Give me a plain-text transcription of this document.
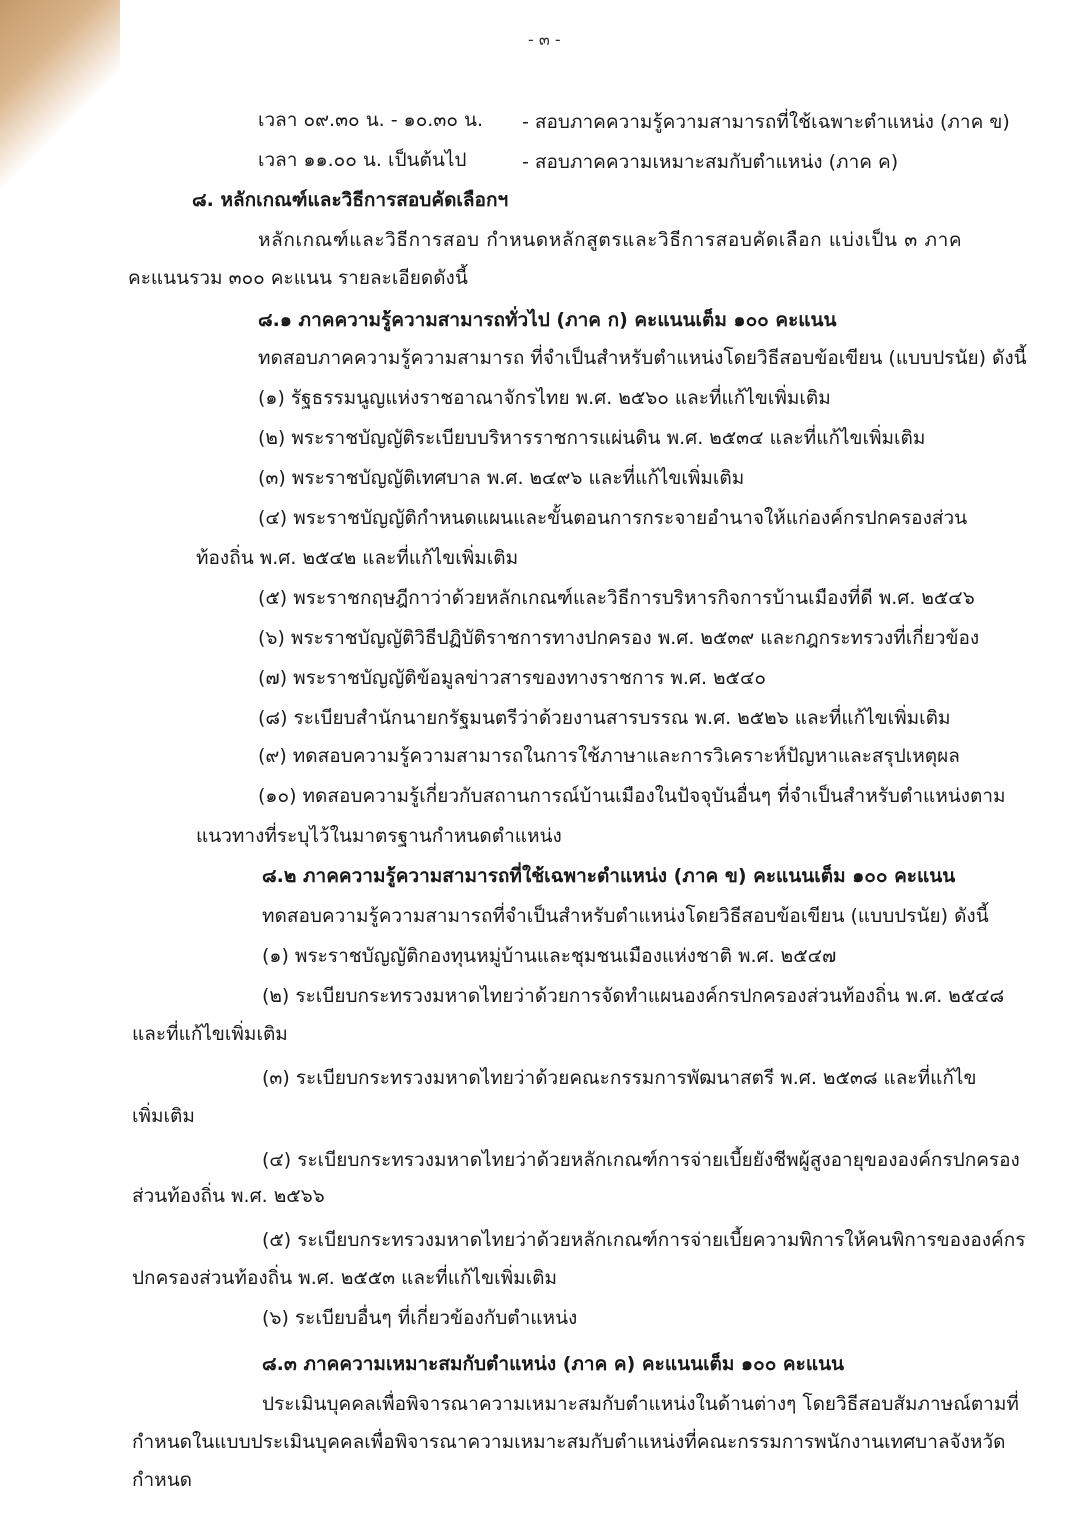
- ๓ -
เวลา ๐๙.๓๐ น. - ๑๐.๓๐ น. - สอบภาคความรู้ความสามารถที่ใช้เฉพาะตำแหน่ง (ภาค ข)
เวลา ๑๑.๐๐ น. เป็นต้นไป	- สอบภาคความเหมาะสมกับตำแหน่ง (ภาค ค)
๘. หลักเกณฑ์และวิธีการสอบคัดเลือกฯ
หลักเกณฑ์และวิธีการสอบ กำหนดหลักสูตรและวิธีการสอบคัดเลือก แบ่งเป็น ๓ ภาค
คะแนนรวม ๓๐๐ คะแนน รายละเอียดดังนี้
๘.๑ ภาคความรู้ความสามารถทั่วไป (ภาค ก) คะแนนเต็ม ๑๐๐ คะแนน
ทดสอบภาคความรู้ความสามารถ ที่จำเป็นสำหรับตำแหน่งโดยวิธีสอบข้อเขียน (แบบปรนัย) ดังนี้
(๑) รัฐธรรมนูญแห่งราชอาณาจักรไทย พ.ศ. ๒๕๖๐ และที่แก้ไขเพิ่มเติม
(๒) พระราชบัญญัติระเบียบบริหารราชการแผ่นดิน พ.ศ. ๒๕๓๔ และที่แก้ไขเพิ่มเติม
(๓) พระราชบัญญัติเทศบาล พ.ศ. ๒๔๙๖ และที่แก้ไขเพิ่มเติม
(๔) พระราชบัญญัติกำหนดแผนและขั้นตอนการกระจายอำนาจให้แก่องค์กรปกครองส่วน
ท้องถิ่น พ.ศ. ๒๕๔๒ และที่แก้ไขเพิ่มเติม
(๕) พระราชกฤษฎีกาว่าด้วยหลักเกณฑ์และวิธีการบริหารกิจการบ้านเมืองที่ดี พ.ศ. ๒๕๔๖
(๖) พระราชบัญญัติวิธีปฏิบัติราชการทางปกครอง พ.ศ. ๒๕๓๙ และกฎกระทรวงที่เกี่ยวข้อง
(๗) พระราชบัญญัติข้อมูลข่าวสารของทางราชการ พ.ศ. ๒๕๔๐
(๘) ระเบียบสำนักนายกรัฐมนตรีว่าด้วยงานสารบรรณ พ.ศ. ๒๕๒๖ และที่แก้ไขเพิ่มเติม
(๙) ทดสอบความรู้ความสามารถในการใช้ภาษาและการวิเคราะห์ปัญหาและสรุปเหตุผล
(๑๐) ทดสอบความรู้เกี่ยวกับสถานการณ์บ้านเมืองในปัจจุบันอื่นๆ ที่จำเป็นสำหรับตำแหน่งตาม
แนวทางที่ระบุไว้ในมาตรฐานกำหนดตำแหน่ง
๘.๒ ภาคความรู้ความสามารถที่ใช้เฉพาะตำแหน่ง (ภาค ข) คะแนนเต็ม ๑๐๐ คะแนน
ทดสอบความรู้ความสามารถที่จำเป็นสำหรับตำแหน่งโดยวิธีสอบข้อเขียน (แบบปรนัย) ดังนี้
(๑) พระราชบัญญัติกองทุนหมู่บ้านและชุมชนเมืองแห่งชาติ พ.ศ. ๒๕๔๗
(๒) ระเบียบกระทรวงมหาดไทยว่าด้วยการจัดทำแผนองค์กรปกครองส่วนท้องถิ่น พ.ศ. ๒๕๔๘
และที่แก้ไขเพิ่มเติม
(๓) ระเบียบกระทรวงมหาดไทยว่าด้วยคณะกรรมการพัฒนาสตรี พ.ศ. ๒๕๓๘ และที่แก้ไข
เพิ่มเติม
(๔) ระเบียบกระทรวงมหาดไทยว่าด้วยหลักเกณฑ์การจ่ายเบี้ยยังชีพผู้สูงอายุขององค์กรปกครอง
ส่วนท้องถิ่น พ.ศ. ๒๕๖๖
(๕) ระเบียบกระทรวงมหาดไทยว่าด้วยหลักเกณฑ์การจ่ายเบี้ยความพิการให้คนพิการขององค์กร
ปกครองส่วนท้องถิ่น พ.ศ. ๒๕๕๓ และที่แก้ไขเพิ่มเติม
(๖) ระเบียบอื่นๆ ที่เกี่ยวข้องกับตำแหน่ง
๘.๓ ภาคความเหมาะสมกับตำแหน่ง (ภาค ค) คะแนนเต็ม ๑๐๐ คะแนน
ประเมินบุคคลเพื่อพิจารณาความเหมาะสมกับตำแหน่งในด้านต่างๆ โดยวิธีสอบสัมภาษณ์ตามที่
กำหนดในแบบประเมินบุคคลเพื่อพิจารณาความเหมาะสมกับตำแหน่งที่คณะกรรมการพนักงานเทศบาลจังหวัด
กำหนด
